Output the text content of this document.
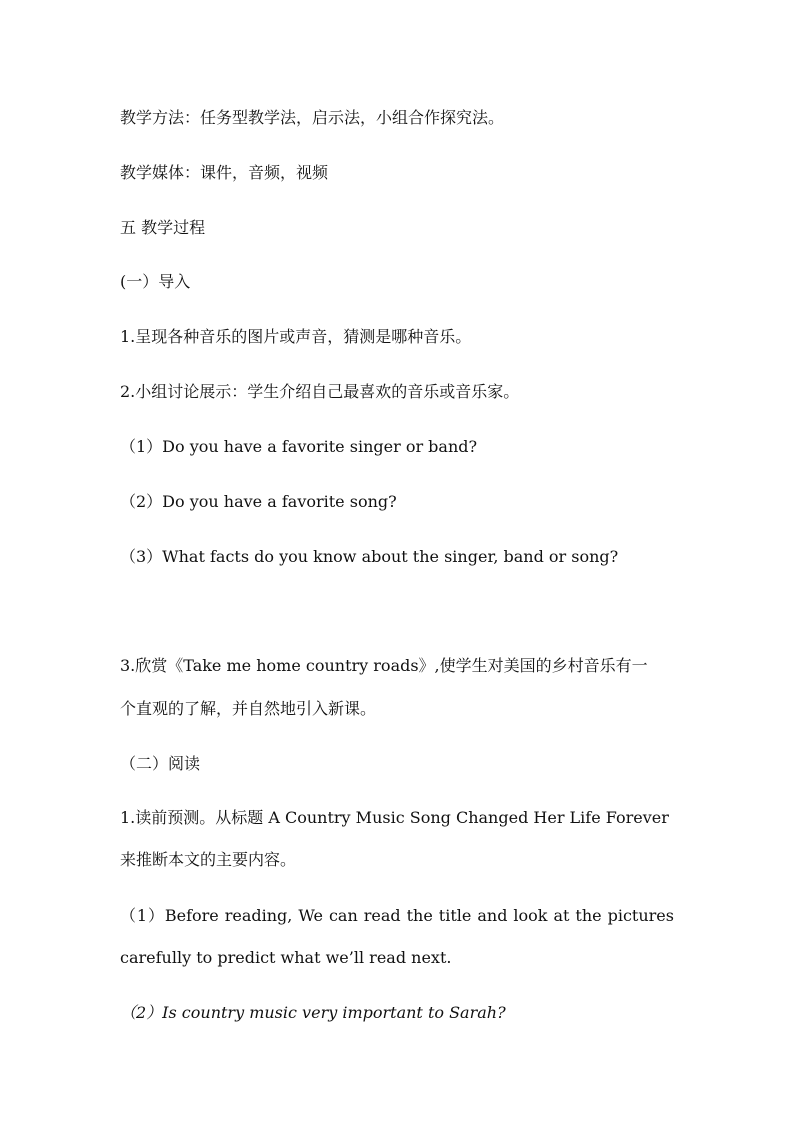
教学方法：任务型教学法，启示法，小组合作探究法。
教学媒体：课件，音频，视频
五 教学过程
(一）导入
1.呈现各种音乐的图片或声音，猜测是哪种音乐。
2.小组讨论展示：学生介绍自己最喜欢的音乐或音乐家。
（1）Do you have a favorite singer or band?
（2）Do you have a favorite song?
（3）What facts do you know about the singer, band or song?
3.欣赏《Take me home country roads》,使学生对美国的乡村音乐有一
个直观的了解，并自然地引入新课。
（二）阅读
1.读前预测。从标题 A Country Music Song Changed Her Life Forever
来推断本文的主要内容。
（1）Before reading, We can read the title and look at the pictures
carefully to predict what we’ll read next.
（2）Is country music very important to Sarah?
